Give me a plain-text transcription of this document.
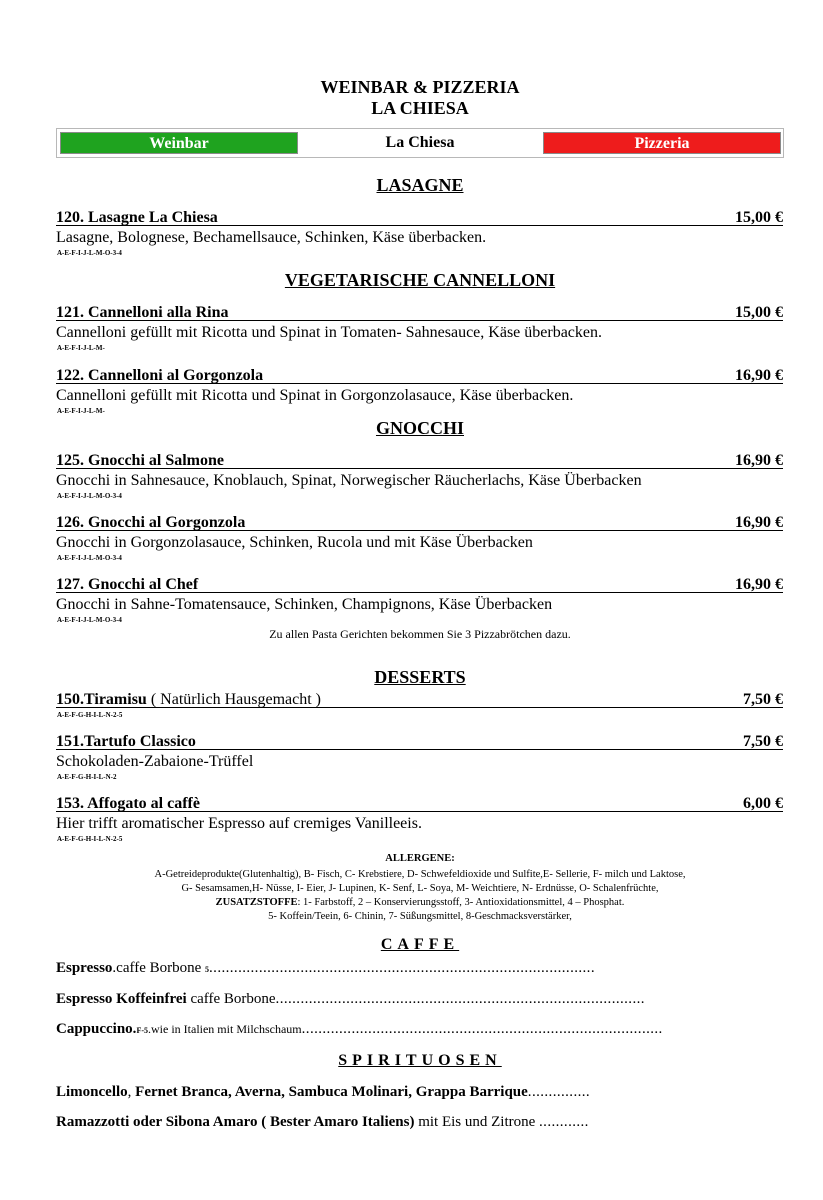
WEINBAR & PIZZERIA
LA CHIESA
Weinbar	La Chiesa	Pizzeria
LASAGNE
120. Lasagne La Chiesa	15,00 €
Lasagne, Bolognese, Bechamellsauce, Schinken, Käse überbacken.
A-E-F-I-J-L-M-O-3-4
VEGETARISCHE CANNELLONI
121. Cannelloni alla Rina	15,00 €
Cannelloni gefüllt mit Ricotta und Spinat in Tomaten- Sahnesauce, Käse überbacken.
A-E-F-I-J-L-M-
122. Cannelloni al Gorgonzola	16,90 €
Cannelloni gefüllt mit Ricotta und Spinat in Gorgonzolasauce, Käse überbacken.
A-E-F-I-J-L-M-
GNOCCHI
125. Gnocchi al Salmone	16,90 €
Gnocchi in Sahnesauce, Knoblauch, Spinat, Norwegischer Räucherlachs, Käse Überbacken
A-E-F-I-J-L-M-O-3-4
126. Gnocchi al Gorgonzola	16,90 €
Gnocchi in Gorgonzolasauce, Schinken, Rucola und mit Käse Überbacken
A-E-F-I-J-L-M-O-3-4
127. Gnocchi al Chef	16,90 €
Gnocchi in Sahne-Tomatensauce, Schinken, Champignons, Käse Überbacken
A-E-F-I-J-L-M-O-3-4
Zu allen Pasta Gerichten bekommen Sie 3 Pizzabrötchen dazu.
DESSERTS
150.Tiramisu ( Natürlich Hausgemacht )	7,50 €
A-E-F-G-H-I-L-N-2-5
151.Tartufo Classico	7,50 €
Schokoladen-Zabaione-Trüffel
A-E-F-G-H-I-L-N-2
153. Affogato al caffè	6,00 €
Hier trifft aromatischer Espresso auf cremiges Vanilleeis.
A-E-F-G-H-I-L-N-2-5
ALLERGENE:
A-Getreideprodukte(Glutenhaltig), B- Fisch, C- Krebstiere, D- Schwefeldioxide und Sulfite,E- Sellerie, F- milch und Laktose,
G- Sesamsamen,H- Nüsse, I- Eier, J- Lupinen, K- Senf, L- Soya, M- Weichtiere, N- Erdnüsse, O- Schalenfrüchte,
ZUSATZSTOFFE: 1- Farbstoff, 2 – Konservierungsstoff, 3- Antioxidationsmittel, 4 – Phosphat.
5- Koffein/Teein, 6- Chinin, 7- Süßungsmittel, 8-Geschmacksverstärker,
CAFFE
Espresso.caffe Borbone 5.............................................................................................
Espresso Koffeinfrei caffe Borbone.........................................................................................
Cappuccino.F-5.wie in Italien mit Milchschaum.......................................................................................
SPIRITUOSEN
Limoncello, Fernet Branca, Averna, Sambuca Molinari, Grappa Barrique...............
Ramazzotti oder Sibona Amaro ( Bester Amaro Italiens) mit Eis und Zitrone ............
